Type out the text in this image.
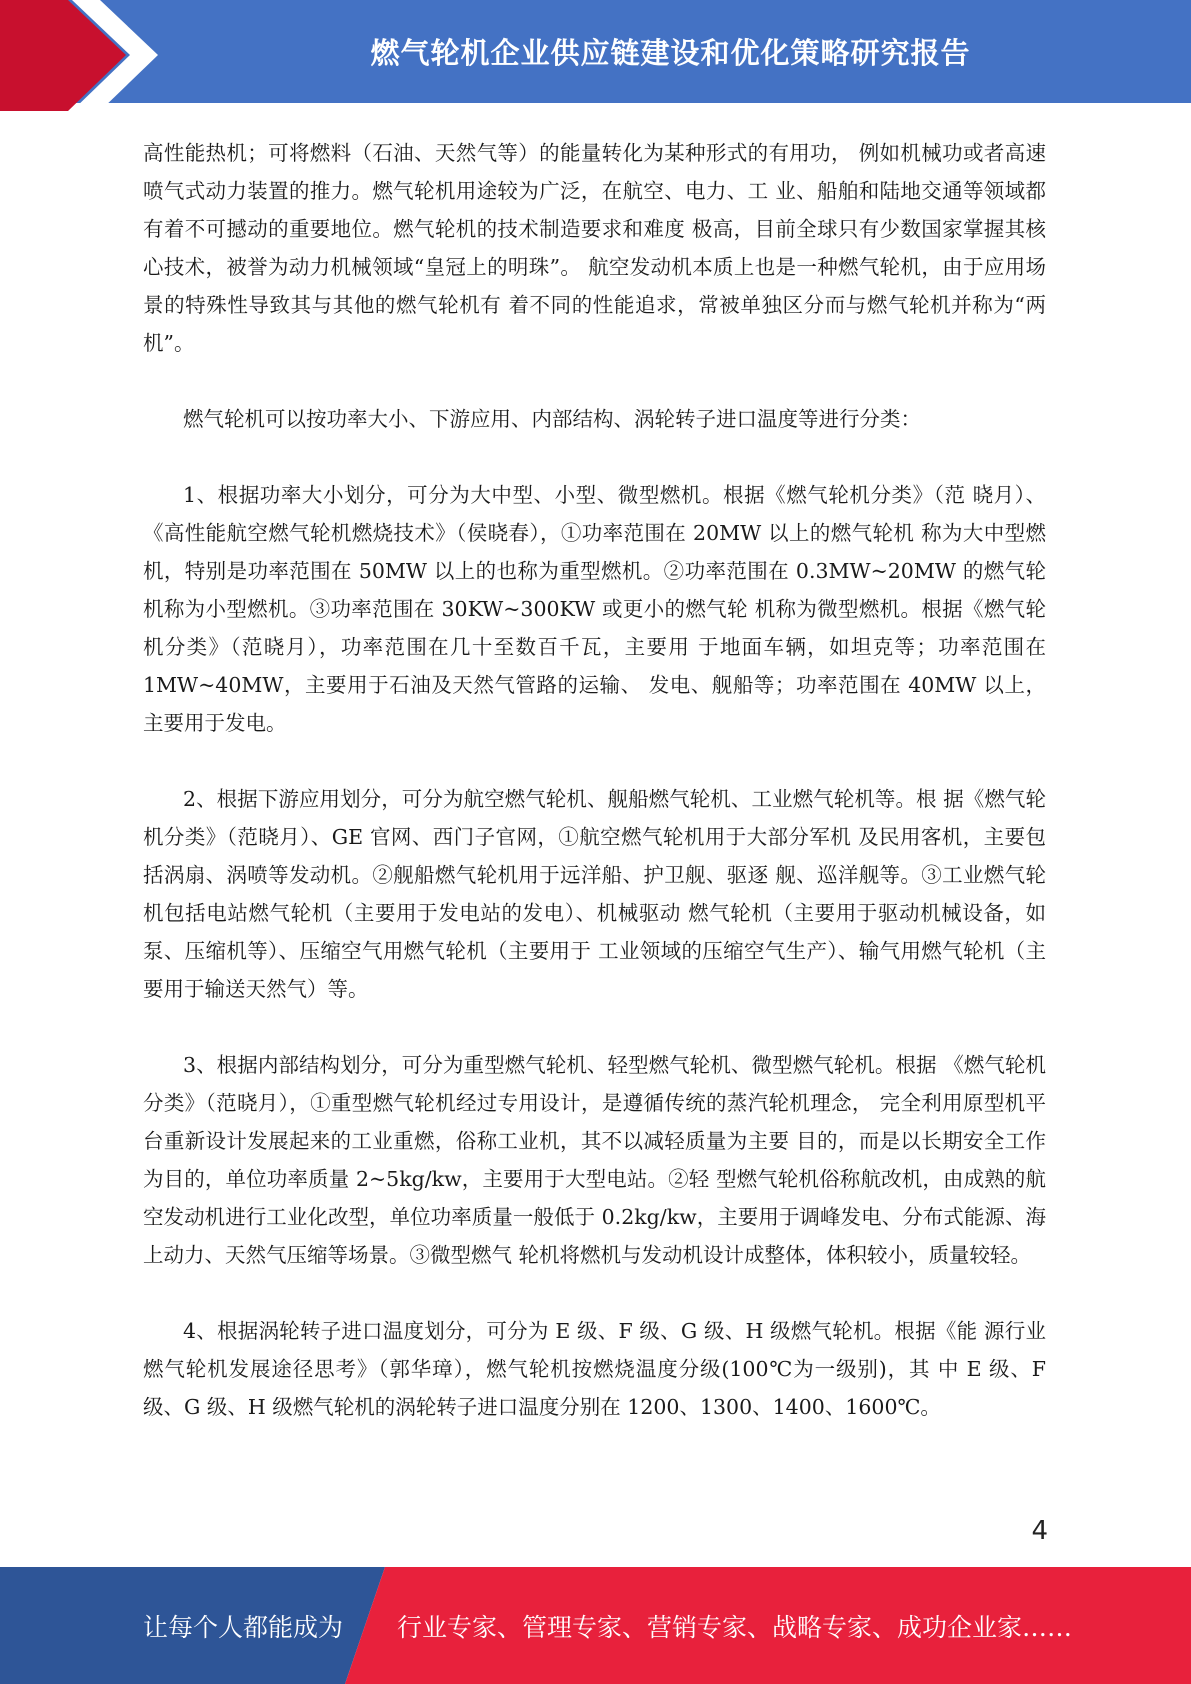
燃气轮机企业供应链建设和优化策略研究报告

高性能热机；可将燃料（石油、天然气等）的能量转化为某种形式的有用功， 例如机械功或者高速喷气式动力装置的推力。燃气轮机用途较为广泛，在航空、电力、工 业、船舶和陆地交通等领域都有着不可撼动的重要地位。燃气轮机的技术制造要求和难度 极高，目前全球只有少数国家掌握其核心技术，被誉为动力机械领域“皇冠上的明珠”。 航空发动机本质上也是一种燃气轮机，由于应用场景的特殊性导致其与其他的燃气轮机有 着不同的性能追求，常被单独区分而与燃气轮机并称为“两机”。

燃气轮机可以按功率大小、下游应用、内部结构、涡轮转子进口温度等进行分类：

1、根据功率大小划分，可分为大中型、小型、微型燃机。根据《燃气轮机分类》（范 晓月）、《高性能航空燃气轮机燃烧技术》（侯晓春），①功率范围在 20MW 以上的燃气轮机 称为大中型燃机，特别是功率范围在 50MW 以上的也称为重型燃机。②功率范围在 0.3MW~20MW 的燃气轮机称为小型燃机。③功率范围在 30KW~300KW 或更小的燃气轮 机称为微型燃机。根据《燃气轮机分类》（范晓月），功率范围在几十至数百千瓦，主要用 于地面车辆，如坦克等；功率范围在 1MW~40MW，主要用于石油及天然气管路的运输、 发电、舰船等；功率范围在 40MW 以上，主要用于发电。

2、根据下游应用划分，可分为航空燃气轮机、舰船燃气轮机、工业燃气轮机等。根 据《燃气轮机分类》（范晓月）、GE 官网、西门子官网，①航空燃气轮机用于大部分军机 及民用客机，主要包括涡扇、涡喷等发动机。②舰船燃气轮机用于远洋船、护卫舰、驱逐 舰、巡洋舰等。③工业燃气轮机包括电站燃气轮机（主要用于发电站的发电）、机械驱动 燃气轮机（主要用于驱动机械设备，如泵、压缩机等）、压缩空气用燃气轮机（主要用于 工业领域的压缩空气生产）、输气用燃气轮机（主要用于输送天然气）等。

3、根据内部结构划分，可分为重型燃气轮机、轻型燃气轮机、微型燃气轮机。根据 《燃气轮机分类》（范晓月），①重型燃气轮机经过专用设计，是遵循传统的蒸汽轮机理念， 完全利用原型机平台重新设计发展起来的工业重燃，俗称工业机，其不以减轻质量为主要 目的，而是以长期安全工作为目的，单位功率质量 2~5kg/kw，主要用于大型电站。②轻 型燃气轮机俗称航改机，由成熟的航空发动机进行工业化改型，单位功率质量一般低于 0.2kg/kw，主要用于调峰发电、分布式能源、海上动力、天然气压缩等场景。③微型燃气 轮机将燃机与发动机设计成整体，体积较小，质量较轻。

4、根据涡轮转子进口温度划分，可分为 E 级、F 级、G 级、H 级燃气轮机。根据《能 源行业燃气轮机发展途径思考》（郭华璋），燃气轮机按燃烧温度分级(100℃为一级别)，其 中 E 级、F 级、G 级、H 级燃气轮机的涡轮转子进口温度分别在 1200、1300、1400、1600℃。

4
让每个人都能成为 行业专家、管理专家、营销专家、战略专家、成功企业家……
